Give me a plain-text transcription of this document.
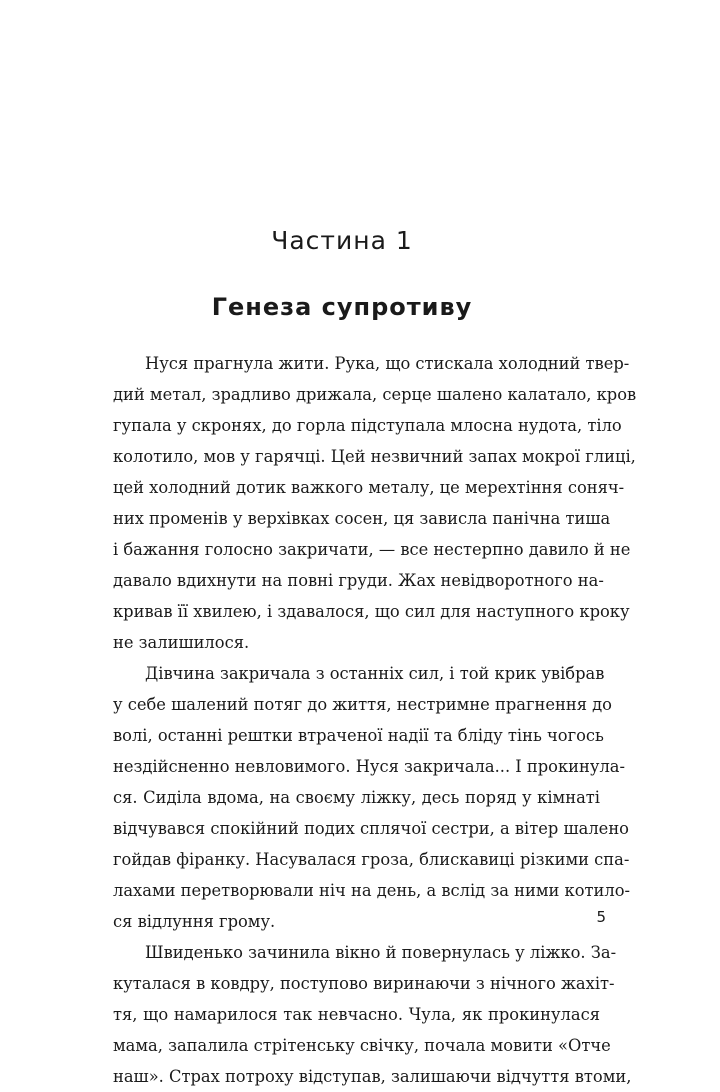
Частина 1
Генеза супротиву
Нуся прагнула жити. Рука, що стискала холодний твер-
дий метал, зрадливо дрижала, серце шалено калатало, кров
гупала у скронях, до горла підступала млосна нудота, тіло
колотило, мов у гарячці. Цей незвичний запах мокрої глиці,
цей холодний дотик важкого металу, це мерехтіння соняч-
них променів у верхівках сосен, ця зависла панічна тиша
і бажання голосно закричати, — все нестерпно давило й не
давало вдихнути на повні груди. Жах невідворотного на-
кривав її хвилею, і здавалося, що сил для наступного кроку
не залишилося.
Дівчина закричала з останніх сил, і той крик увібрав
у себе шалений потяг до життя, нестримне прагнення до
волі, останні рештки втраченої надії та бліду тінь чогось
нездійсненно невловимого. Нуся закричала... І прокинула-
ся. Сиділа вдома, на своєму ліжку, десь поряд у кімнаті
відчувався спокійний подих сплячої сестри, а вітер шалено
гойдав фіранку. Насувалася гроза, блискавиці різкими спа-
лахами перетворювали ніч на день, а вслід за ними котило-
ся відлуння грому.
Швиденько зачинила вікно й повернулась у ліжко. За-
куталася в ковдру, поступово виринаючи з нічного жахіт-
тя, що намарилося так невчасно. Чула, як прокинулася
мама, запалила стрітенську свічку, почала мовити «Отче
наш». Страх потроху відступав, залишаючи відчуття втоми,
5
